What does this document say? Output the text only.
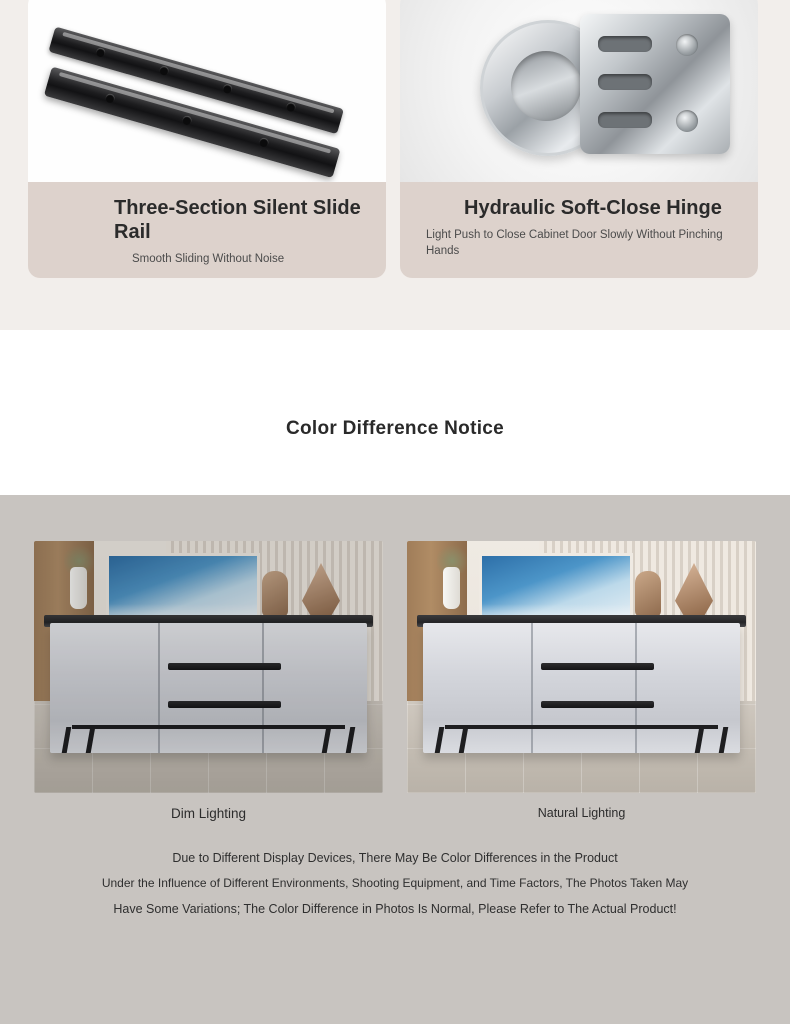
Three-Section Silent Slide Rail

Smooth Sliding Without Noise

Hydraulic Soft-Close Hinge

Light Push to Close Cabinet Door Slowly Without Pinching Hands

Color Difference Notice
Dim Lighting	Natural Lighting
Due to Different Display Devices, There May Be Color Differences in the Product
Under the Influence of Different Environments, Shooting Equipment, and Time Factors, The Photos Taken May
Have Some Variations; The Color Difference in Photos Is Normal, Please Refer to The Actual Product!
